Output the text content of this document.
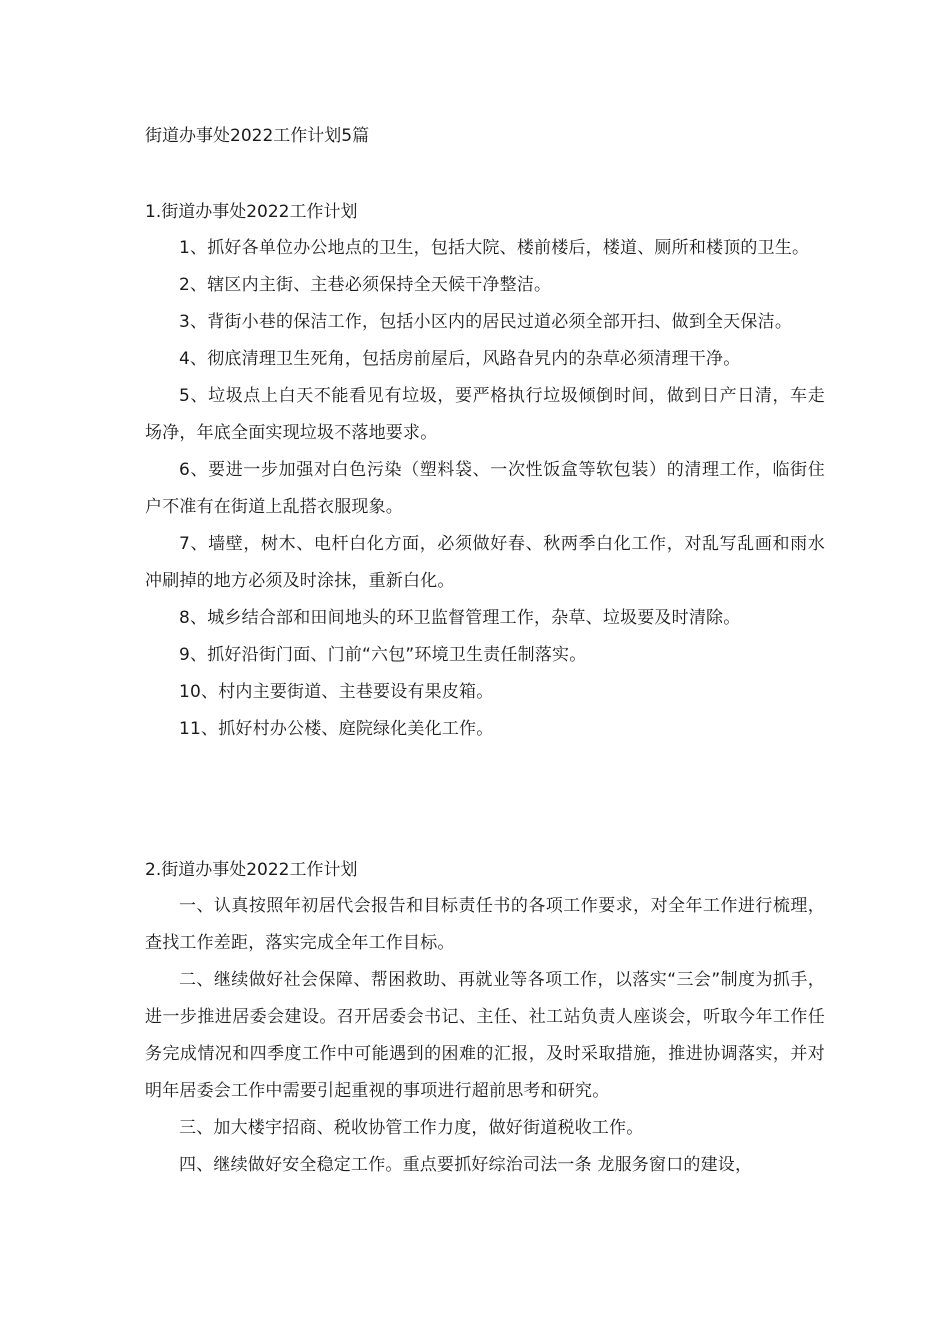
街道办事处2022工作计划5篇
1.街道办事处2022工作计划

1、抓好各单位办公地点的卫生，包括大院、楼前楼后，楼道、厕所和楼顶的卫生。

2、辖区内主街、主巷必须保持全天候干净整洁。

3、背街小巷的保洁工作，包括小区内的居民过道必须全部开扫、做到全天保洁。

4、彻底清理卫生死角，包括房前屋后，风路旮旯内的杂草必须清理干净。

5、垃圾点上白天不能看见有垃圾，要严格执行垃圾倾倒时间，做到日产日清，车走场净，年底全面实现垃圾不落地要求。

6、要进一步加强对白色污染（塑料袋、一次性饭盒等软包装）的清理工作，临街住户不准有在街道上乱搭衣服现象。

7、墙壁，树木、电杆白化方面，必须做好春、秋两季白化工作，对乱写乱画和雨水冲刷掉的地方必须及时涂抹，重新白化。

8、城乡结合部和田间地头的环卫监督管理工作，杂草、垃圾要及时清除。

9、抓好沿街门面、门前“六包”环境卫生责任制落实。

10、村内主要街道、主巷要设有果皮箱。

11、抓好村办公楼、庭院绿化美化工作。

2.街道办事处2022工作计划

一、认真按照年初居代会报告和目标责任书的各项工作要求，对全年工作进行梳理，查找工作差距，落实完成全年工作目标。

二、继续做好社会保障、帮困救助、再就业等各项工作，以落实“三会”制度为抓手，进一步推进居委会建设。召开居委会书记、主任、社工站负责人座谈会，听取今年工作任务完成情况和四季度工作中可能遇到的困难的汇报，及时采取措施，推进协调落实，并对明年居委会工作中需要引起重视的事项进行超前思考和研究。

三、加大楼宇招商、税收协管工作力度，做好街道税收工作。

四、继续做好安全稳定工作。重点要抓好综治司法一条 龙服务窗口的建设，
